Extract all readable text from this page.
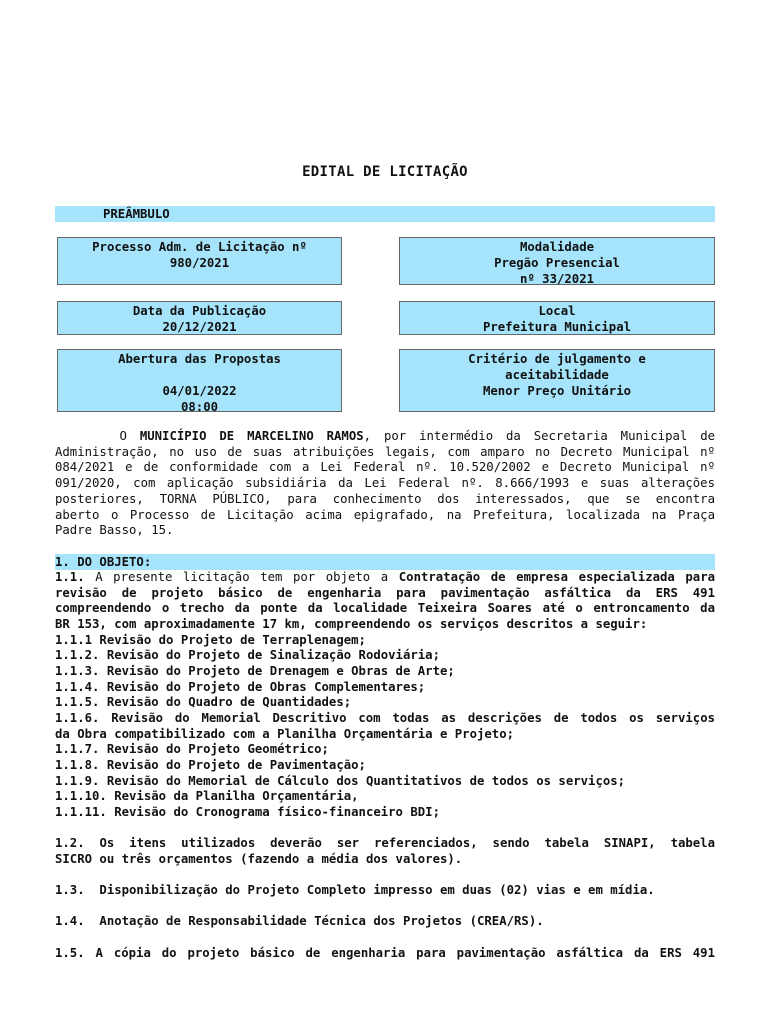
EDITAL DE LICITAÇÃO
PREÂMBULO
Processo Adm. de Licitação nº
980/2021
Modalidade
Pregão Presencial
nº 33/2021
Data da Publicação
20/12/2021
Local
Prefeitura Municipal
Abertura das Propostas

04/01/2022
08:00
Critério de julgamento e
aceitabilidade
Menor Preço Unitário
O MUNICÍPIO DE MARCELINO RAMOS, por intermédio da Secretaria Municipal de
Administração, no uso de suas atribuições legais, com amparo no Decreto Municipal nº
084/2021 e de conformidade com a Lei Federal nº. 10.520/2002 e Decreto Municipal nº
091/2020, com aplicação subsidiária da Lei Federal nº. 8.666/1993 e suas alterações
posteriores, TORNA PÚBLICO, para conhecimento dos interessados, que se encontra
aberto o Processo de Licitação acima epigrafado, na Prefeitura, localizada na Praça
Padre Basso, 15.
1. DO OBJETO:
1.1. A presente licitação tem por objeto a Contratação de empresa especializada para
revisão de projeto básico de engenharia para pavimentação asfáltica da ERS 491
compreendendo o trecho da ponte da localidade Teixeira Soares até o entroncamento da
BR 153, com aproximadamente 17 km, compreendendo os serviços descritos a seguir:
1.1.1 Revisão do Projeto de Terraplenagem;
1.1.2. Revisão do Projeto de Sinalização Rodoviária;
1.1.3. Revisão do Projeto de Drenagem e Obras de Arte;
1.1.4. Revisão do Projeto de Obras Complementares;
1.1.5. Revisão do Quadro de Quantidades;
1.1.6. Revisão do Memorial Descritivo com todas as descrições de todos os serviços
da Obra compatibilizado com a Planilha Orçamentária e Projeto;
1.1.7. Revisão do Projeto Geométrico;
1.1.8. Revisão do Projeto de Pavimentação;
1.1.9. Revisão do Memorial de Cálculo dos Quantitativos de todos os serviços;
1.1.10. Revisão da Planilha Orçamentária,
1.1.11. Revisão do Cronograma físico-financeiro BDI;
1.2. Os itens utilizados deverão ser referenciados, sendo tabela SINAPI, tabela
SICRO ou três orçamentos (fazendo a média dos valores).
1.3.  Disponibilização do Projeto Completo impresso em duas (02) vias e em mídia.
1.4.  Anotação de Responsabilidade Técnica dos Projetos (CREA/RS).
1.5. A cópia do projeto básico de engenharia para pavimentação asfáltica da ERS 491
